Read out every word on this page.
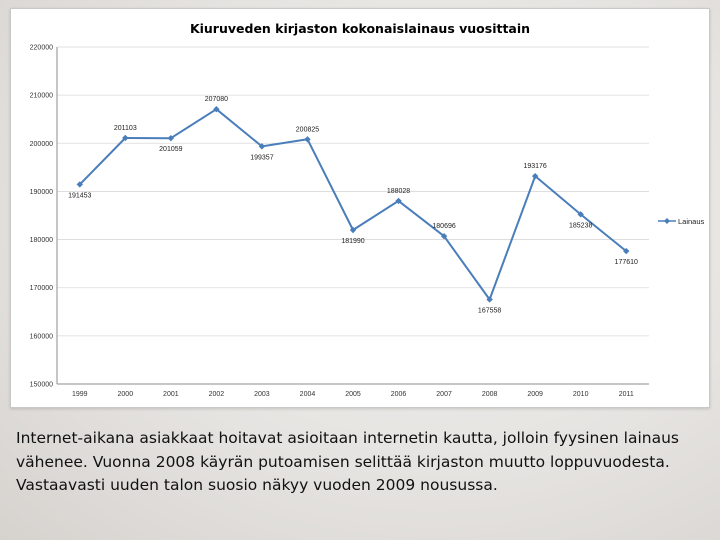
Kiuruveden kirjaston kokonaislainaus vuosittain
150000
160000
170000
180000
190000
200000
210000
220000
1999	2000	2001	2002	2003	2004	2005	2006	2007	2008	2009	2010	2011
191453
201103
201059
207080
199357
200825
181990
188028
180696
167558
193176
185238
177610
Lainaus
Internet-aikana asiakkaat hoitavat asioitaan internetin kautta, jolloin fyysinen lainaus vähenee. Vuonna 2008 käyrän putoamisen selittää kirjaston muutto loppuvuodesta. Vastaavasti uuden talon suosio näkyy vuoden 2009 nousussa.
